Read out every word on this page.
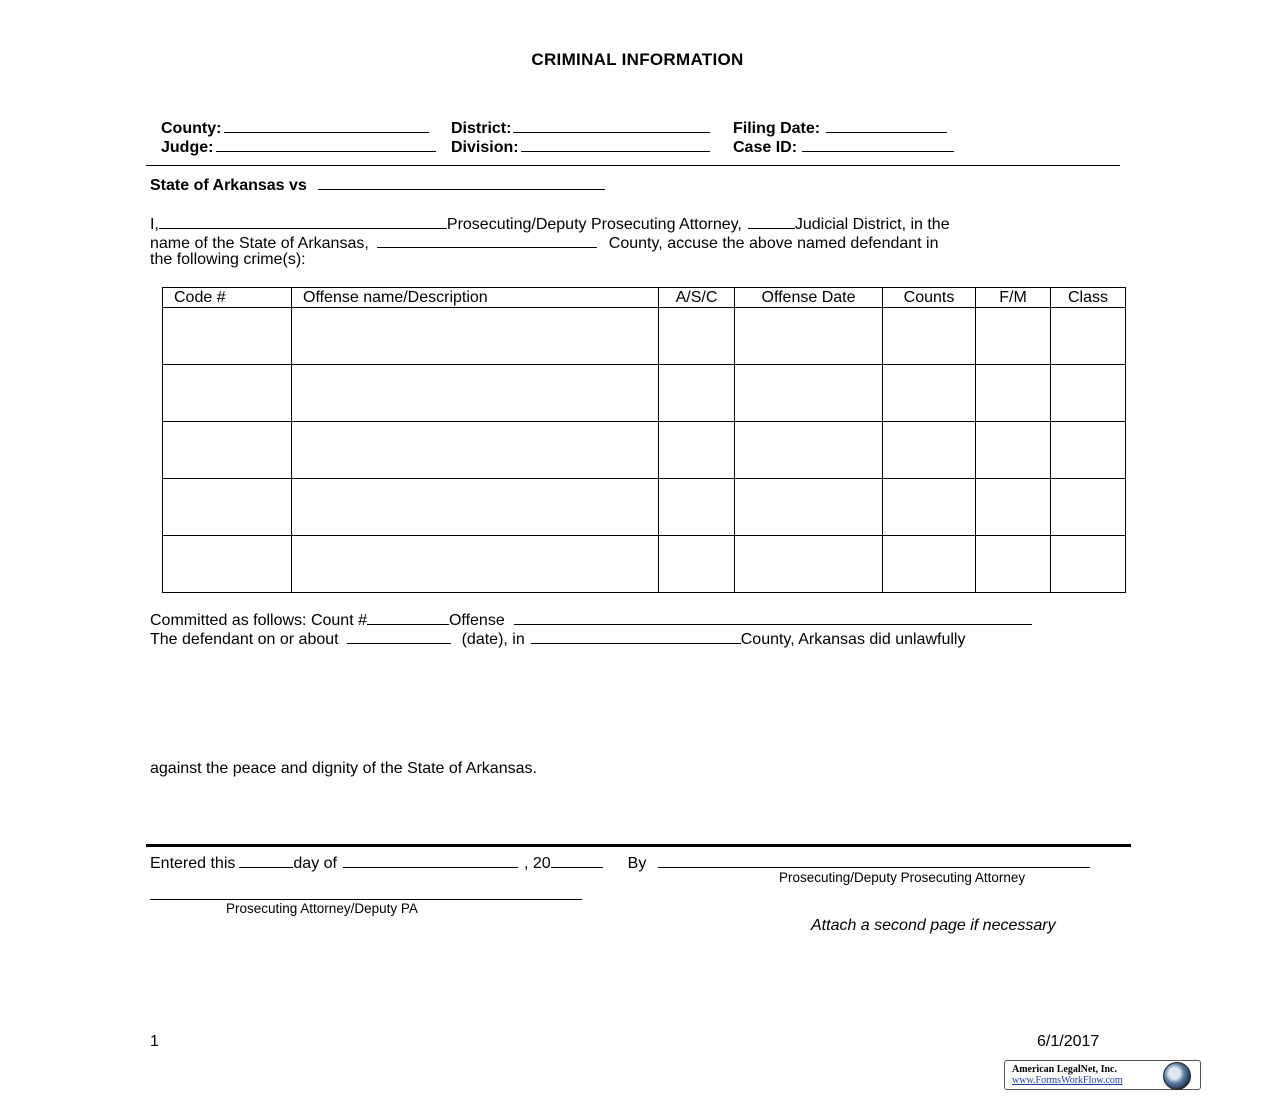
CRIMINAL INFORMATION
County:	District:	Filing Date:
Judge:	Division:	Case ID:
State of Arkansas vs
I,	Prosecuting/Deputy Prosecuting Attorney,	Judicial District, in the
name of the State of Arkansas,	County, accuse the above named defendant in
the following crime(s):
Code #	Offense name/Description	A/S/C	Offense Date	Counts	F/M	Class

Committed as follows: Count #	Offense
The defendant on or about	(date), in	County, Arkansas did unlawfully
against the peace and dignity of the State of Arkansas.
Entered this	day of	, 20	By
Prosecuting/Deputy Prosecuting Attorney
Prosecuting Attorney/Deputy PA
Attach a second page if necessary
1	6/1/2017
American LegalNet, Inc.
www.FormsWorkFlow.com
